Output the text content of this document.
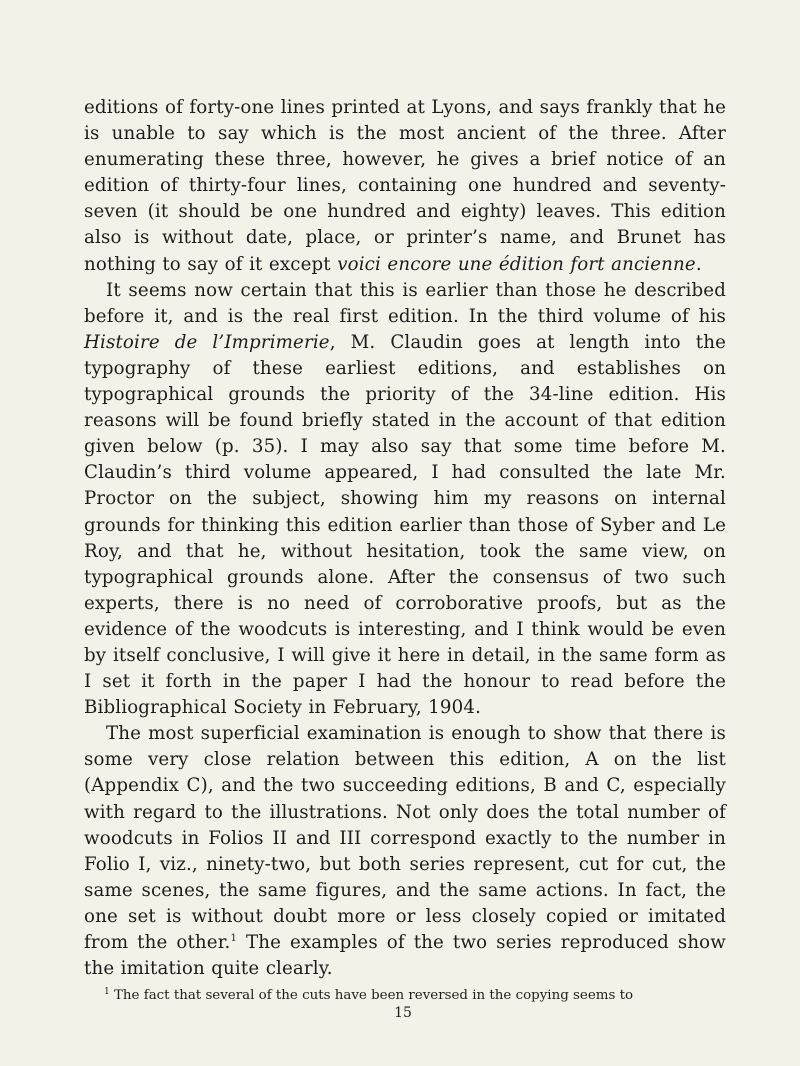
editions of forty-one lines printed at Lyons, and says frankly that he is unable to say which is the most ancient of the three. After enumerating these three, however, he gives a brief notice of an edition of thirty-four lines, containing one hundred and seventy-seven (it should be one hundred and eighty) leaves. This edition also is without date, place, or printer’s name, and Brunet has nothing to say of it except voici encore une édition fort ancienne.

It seems now certain that this is earlier than those he described before it, and is the real first edition. In the third volume of his Histoire de l’Imprimerie, M. Claudin goes at length into the typography of these earliest editions, and establishes on typographical grounds the priority of the 34-line edition. His reasons will be found briefly stated in the account of that edition given below (p. 35). I may also say that some time before M. Claudin’s third volume appeared, I had consulted the late Mr. Proctor on the subject, showing him my reasons on internal grounds for thinking this edition earlier than those of Syber and Le Roy, and that he, without hesitation, took the same view, on typographical grounds alone. After the consensus of two such experts, there is no need of corroborative proofs, but as the evidence of the woodcuts is interesting, and I think would be even by itself conclusive, I will give it here in detail, in the same form as I set it forth in the paper I had the honour to read before the Bibliographical Society in February, 1904.

The most superficial examination is enough to show that there is some very close relation between this edition, A on the list (Appendix C), and the two succeeding editions, B and C, especially with regard to the illustrations. Not only does the total number of woodcuts in Folios II and III correspond exactly to the number in Folio I, viz., ninety-two, but both series represent, cut for cut, the same scenes, the same figures, and the same actions. In fact, the one set is without doubt more or less closely copied or imitated from the other.$^1$ The examples of the two series reproduced show the imitation quite clearly.

$^1$ The fact that several of the cuts have been reversed in the copying seems to
15
